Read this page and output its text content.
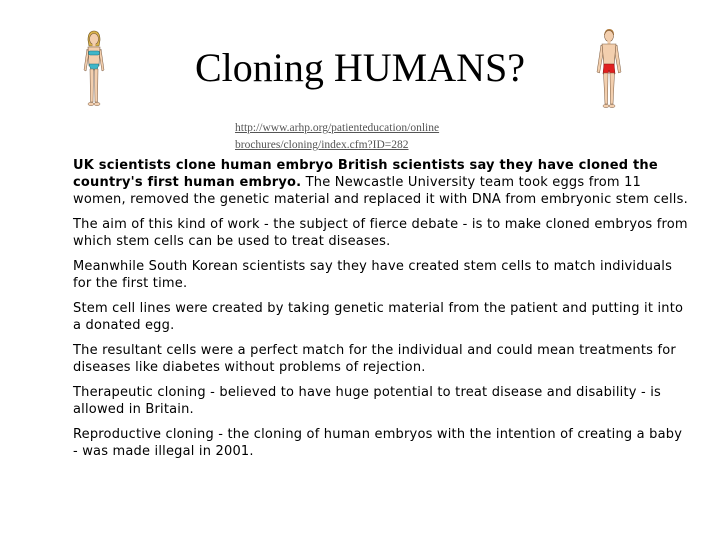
Cloning HUMANS?
http://www.arhp.org/patienteducation/online
brochures/cloning/index.cfm?ID=282

UK scientists clone human embryo British scientists say they have cloned the country's first human embryo. The Newcastle University team took eggs from 11 women, removed the genetic material and replaced it with DNA from embryonic stem cells.

The aim of this kind of work - the subject of fierce debate - is to make cloned embryos from which stem cells can be used to treat diseases.

Meanwhile South Korean scientists say they have created stem cells to match individuals for the first time.

Stem cell lines were created by taking genetic material from the patient and putting it into a donated egg.

The resultant cells were a perfect match for the individual and could mean treatments for diseases like diabetes without problems of rejection.

Therapeutic cloning - believed to have huge potential to treat disease and disability - is allowed in Britain.

Reproductive cloning - the cloning of human embryos with the intention of creating a baby - was made illegal in 2001.
